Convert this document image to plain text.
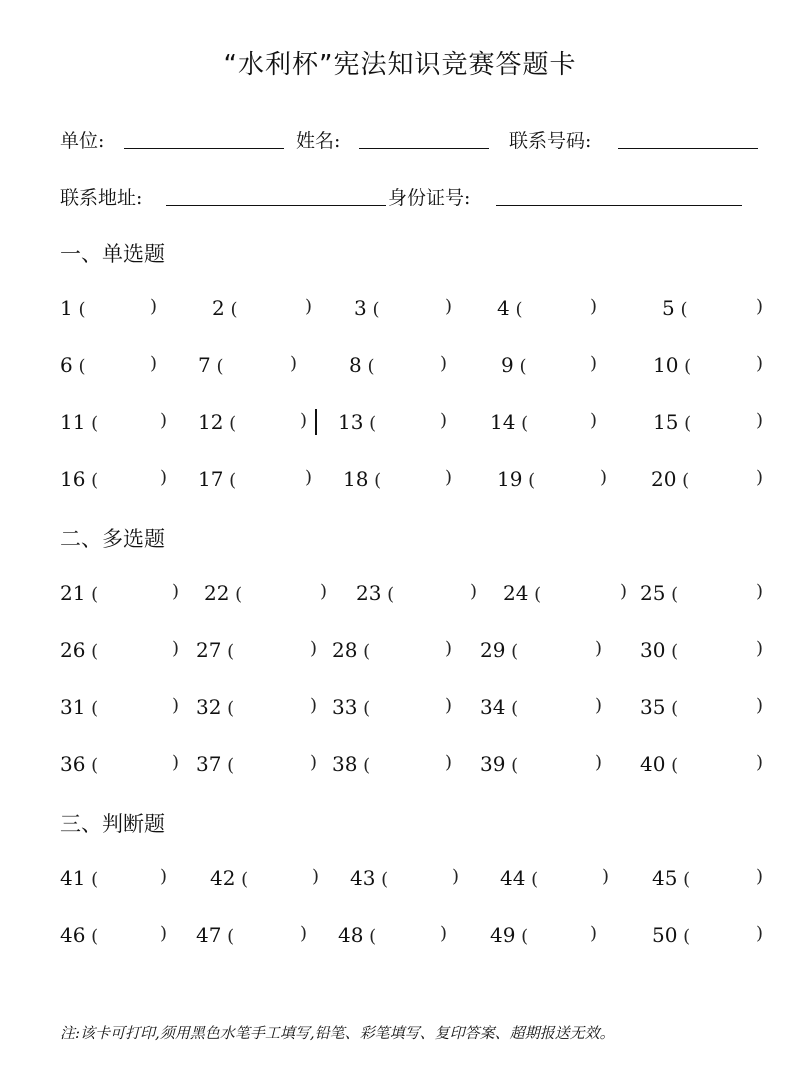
“水利杯”宪法知识竞赛答题卡
单位:	姓名:	联系号码:
联系地址:	身份证号:
一、单选题
二、多选题
三、判断题
1 (	)	2 (	) 3 (	) 4 (	)	5 (	)
6 (	) 7 (	)	8 (	)	9 (	)	10 (	)
11 (	) 12 (	) 13 (	) 14 (	)	15 (	)
16 (	) 17 (	) 18 (	) 19 (	) 20 (	)
21 (	) 22 (	) 23 (	) 24 (	) 25 (	)
26 (	) 27 (	) 28 (	) 29 (	) 30 (	)
31 (	) 32 (	) 33 (	) 34 (	) 35 (	)
36 (	) 37 (	) 38 (	) 39 (	) 40 (	)
41 (	) 42 (	) 43 (	) 44 (	) 45 (	)
46 (	) 47 (	) 48 (	) 49 (	)	50 (	)
注:该卡可打印,须用黑色水笔手工填写,铅笔、彩笔填写、复印答案、超期报送无效。
